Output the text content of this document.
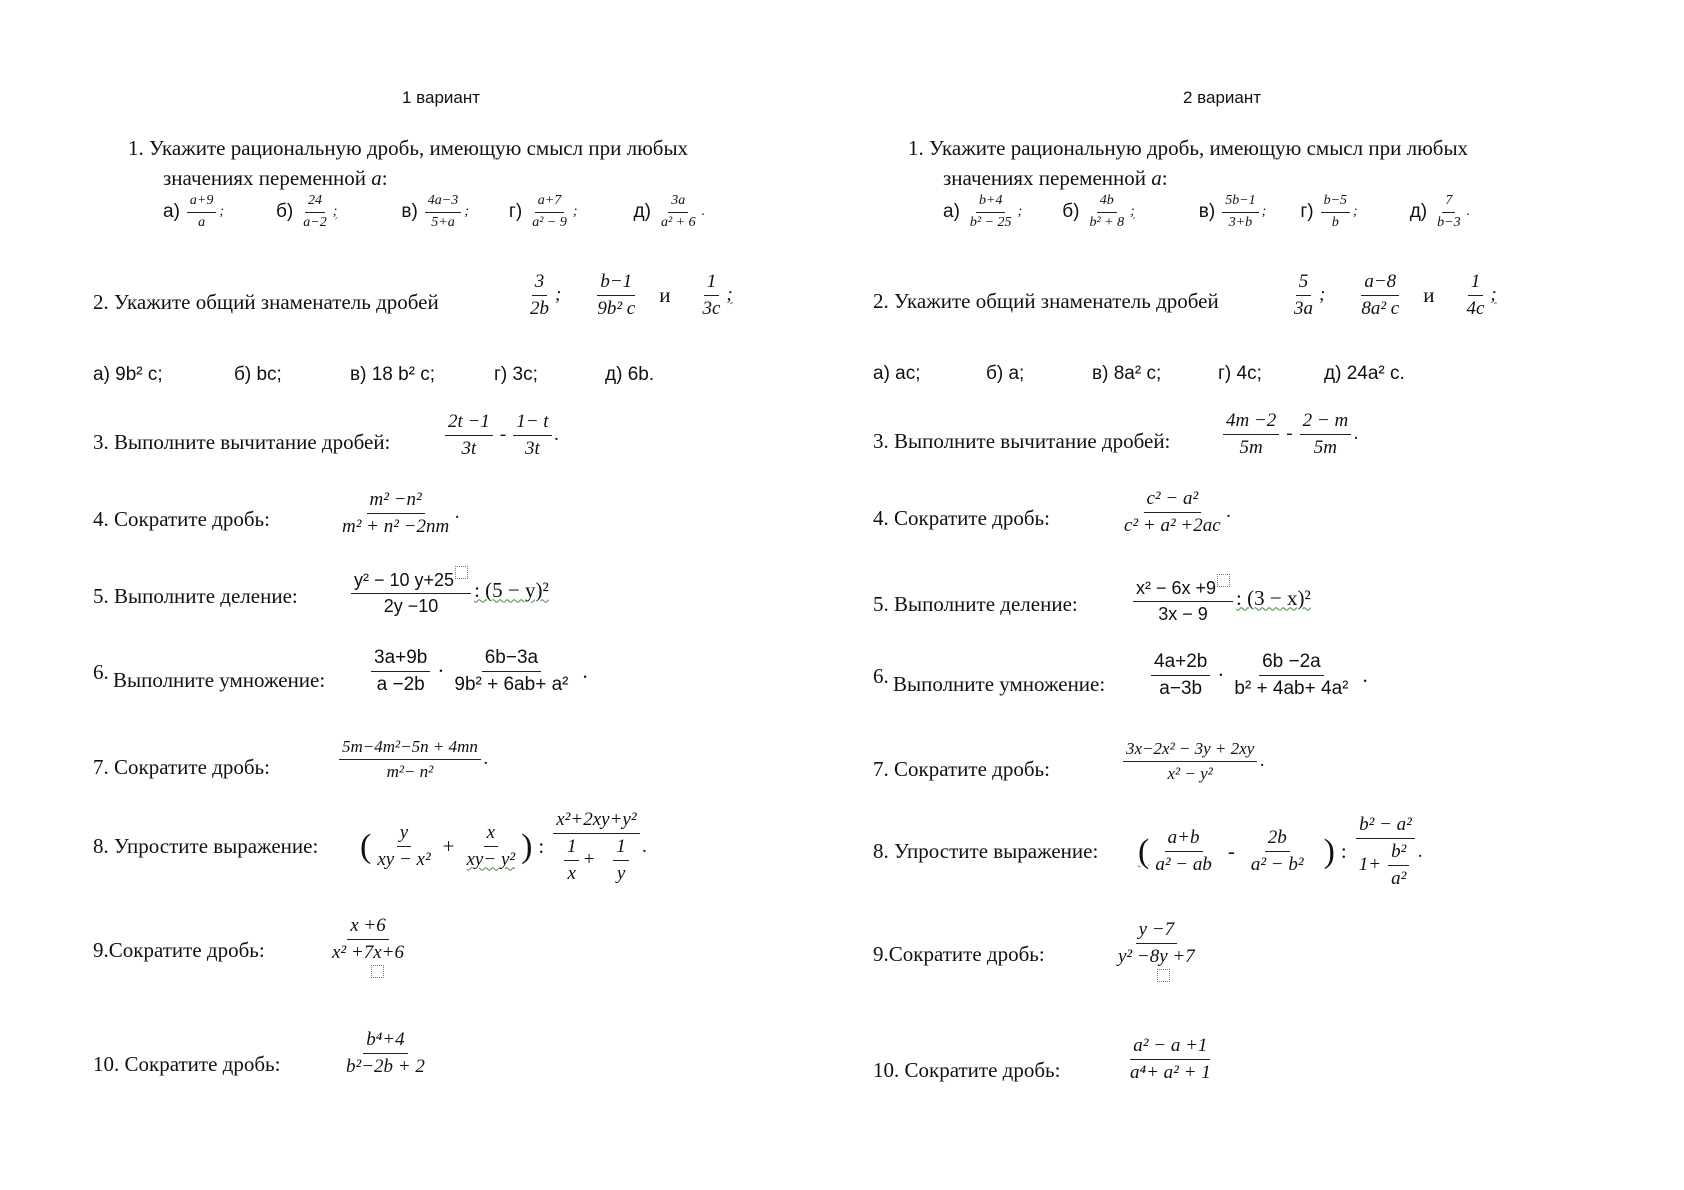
1 вариант
1. Укажите рациональную дробь, имеющую смысл при любых
значениях переменной а:
$а) \frac{a+9}{a}$ ;	$б) \frac{24}{a-2}$ ;	$в) \frac{4a-3}{5+a}$ ; $г) \frac{a+7}{\text{a² − 9}}$ ;	$д) \frac{3a}{\text{a² + 6}}$ .
2. Укажите общий знаменатель дробей	$\frac{3}{2b}$ ; $\frac{b-1}{\text{9b² c}}$ и $\frac{1}{3c}$ ;
а) 9b² c;	б) bc;	в) 18 b² c;	г) 3c;	д) 6b.
3. Выполните вычитание дробей:	$\frac{2t -1}{3t} - \frac{1- t}{3t}$ .
4. Сократите дробь:	$\frac{\text{m² −n²}}{\text{m² + n² −2nm}}$ .
5. Выполните деление:	$\frac{\text{y² − 10 y+25}}{2y -10}$ : (5 − y)²
6. Выполните умножение: $\frac{3a+9b}{a -2b} \cdot \frac{6b-3a}{\text{9b² + 6ab+ a²}}$ .
7. Сократите дробь:	$\frac{\text{5m−4m²−5n + 4mn}}{\text{m²− n²}}$ .
8. Упростите выражение: ( $\frac{y}{\text{xy − x²}} + \frac{x}{\text{xy− y²}}$ ) : $\frac{\text{x²+2xy+y²}}{\frac{1}{x} + \frac{1}{y}}$ .
9.Сократите дробь:	$\frac{x +6}{\text{x² +7x+6}}$
10. Сократите дробь:	$\frac{\text{b⁴+4}}{\text{b²−2b + 2}}$
2 вариант
1. Укажите рациональную дробь, имеющую смысл при любых
значениях переменной а:
$а) \frac{b+4}{\text{b² − 25}}$ ; $б) \frac{4b}{\text{b² + 8}}$ ;	$в) \frac{5b-1}{3+b}$ ; $г) \frac{b-5}{b}$ ;	$д) \frac{7}{b-3}$ .
2. Укажите общий знаменатель дробей	$\frac{5}{3a}$ ; $\frac{a-8}{\text{8a² c}}$ и $\frac{1}{4c}$ ;
а) ac;	б) a;	в) 8a² c;	г) 4c;	д) 24a² c.
3. Выполните вычитание дробей:	$\frac{4m -2}{5m} - \frac{2 - m}{5m}$ .
4. Сократите дробь:	$\frac{\text{c² − a²}}{\text{c² + a² +2ac}}$ .
5. Выполните деление:	$\frac{\text{x² − 6x +9}}{3x - 9}$ : (3 − x)²
6. Выполните умножение: $\frac{4a+2b}{a-3b} \cdot \frac{6b -2a}{\text{b² + 4ab+ 4a²}}$ .
7. Сократите дробь:	$\frac{\text{3x−2x² − 3y + 2xy}}{\text{x² − y²}}$ .
8. Упростите выражение: ( $\frac{a+b}{\text{a² − ab}} - \frac{2b}{\text{a² − b²}}$ ) : $\frac{\text{b² − a²}}{1+ \frac{\text{b²}}{\text{a²}}}$ .
9.Сократите дробь:	$\frac{y -7}{\text{y² −8y +7}}$
10. Сократите дробь:	$\frac{\text{a² − a +1}}{\text{a⁴+ a² + 1}}$
